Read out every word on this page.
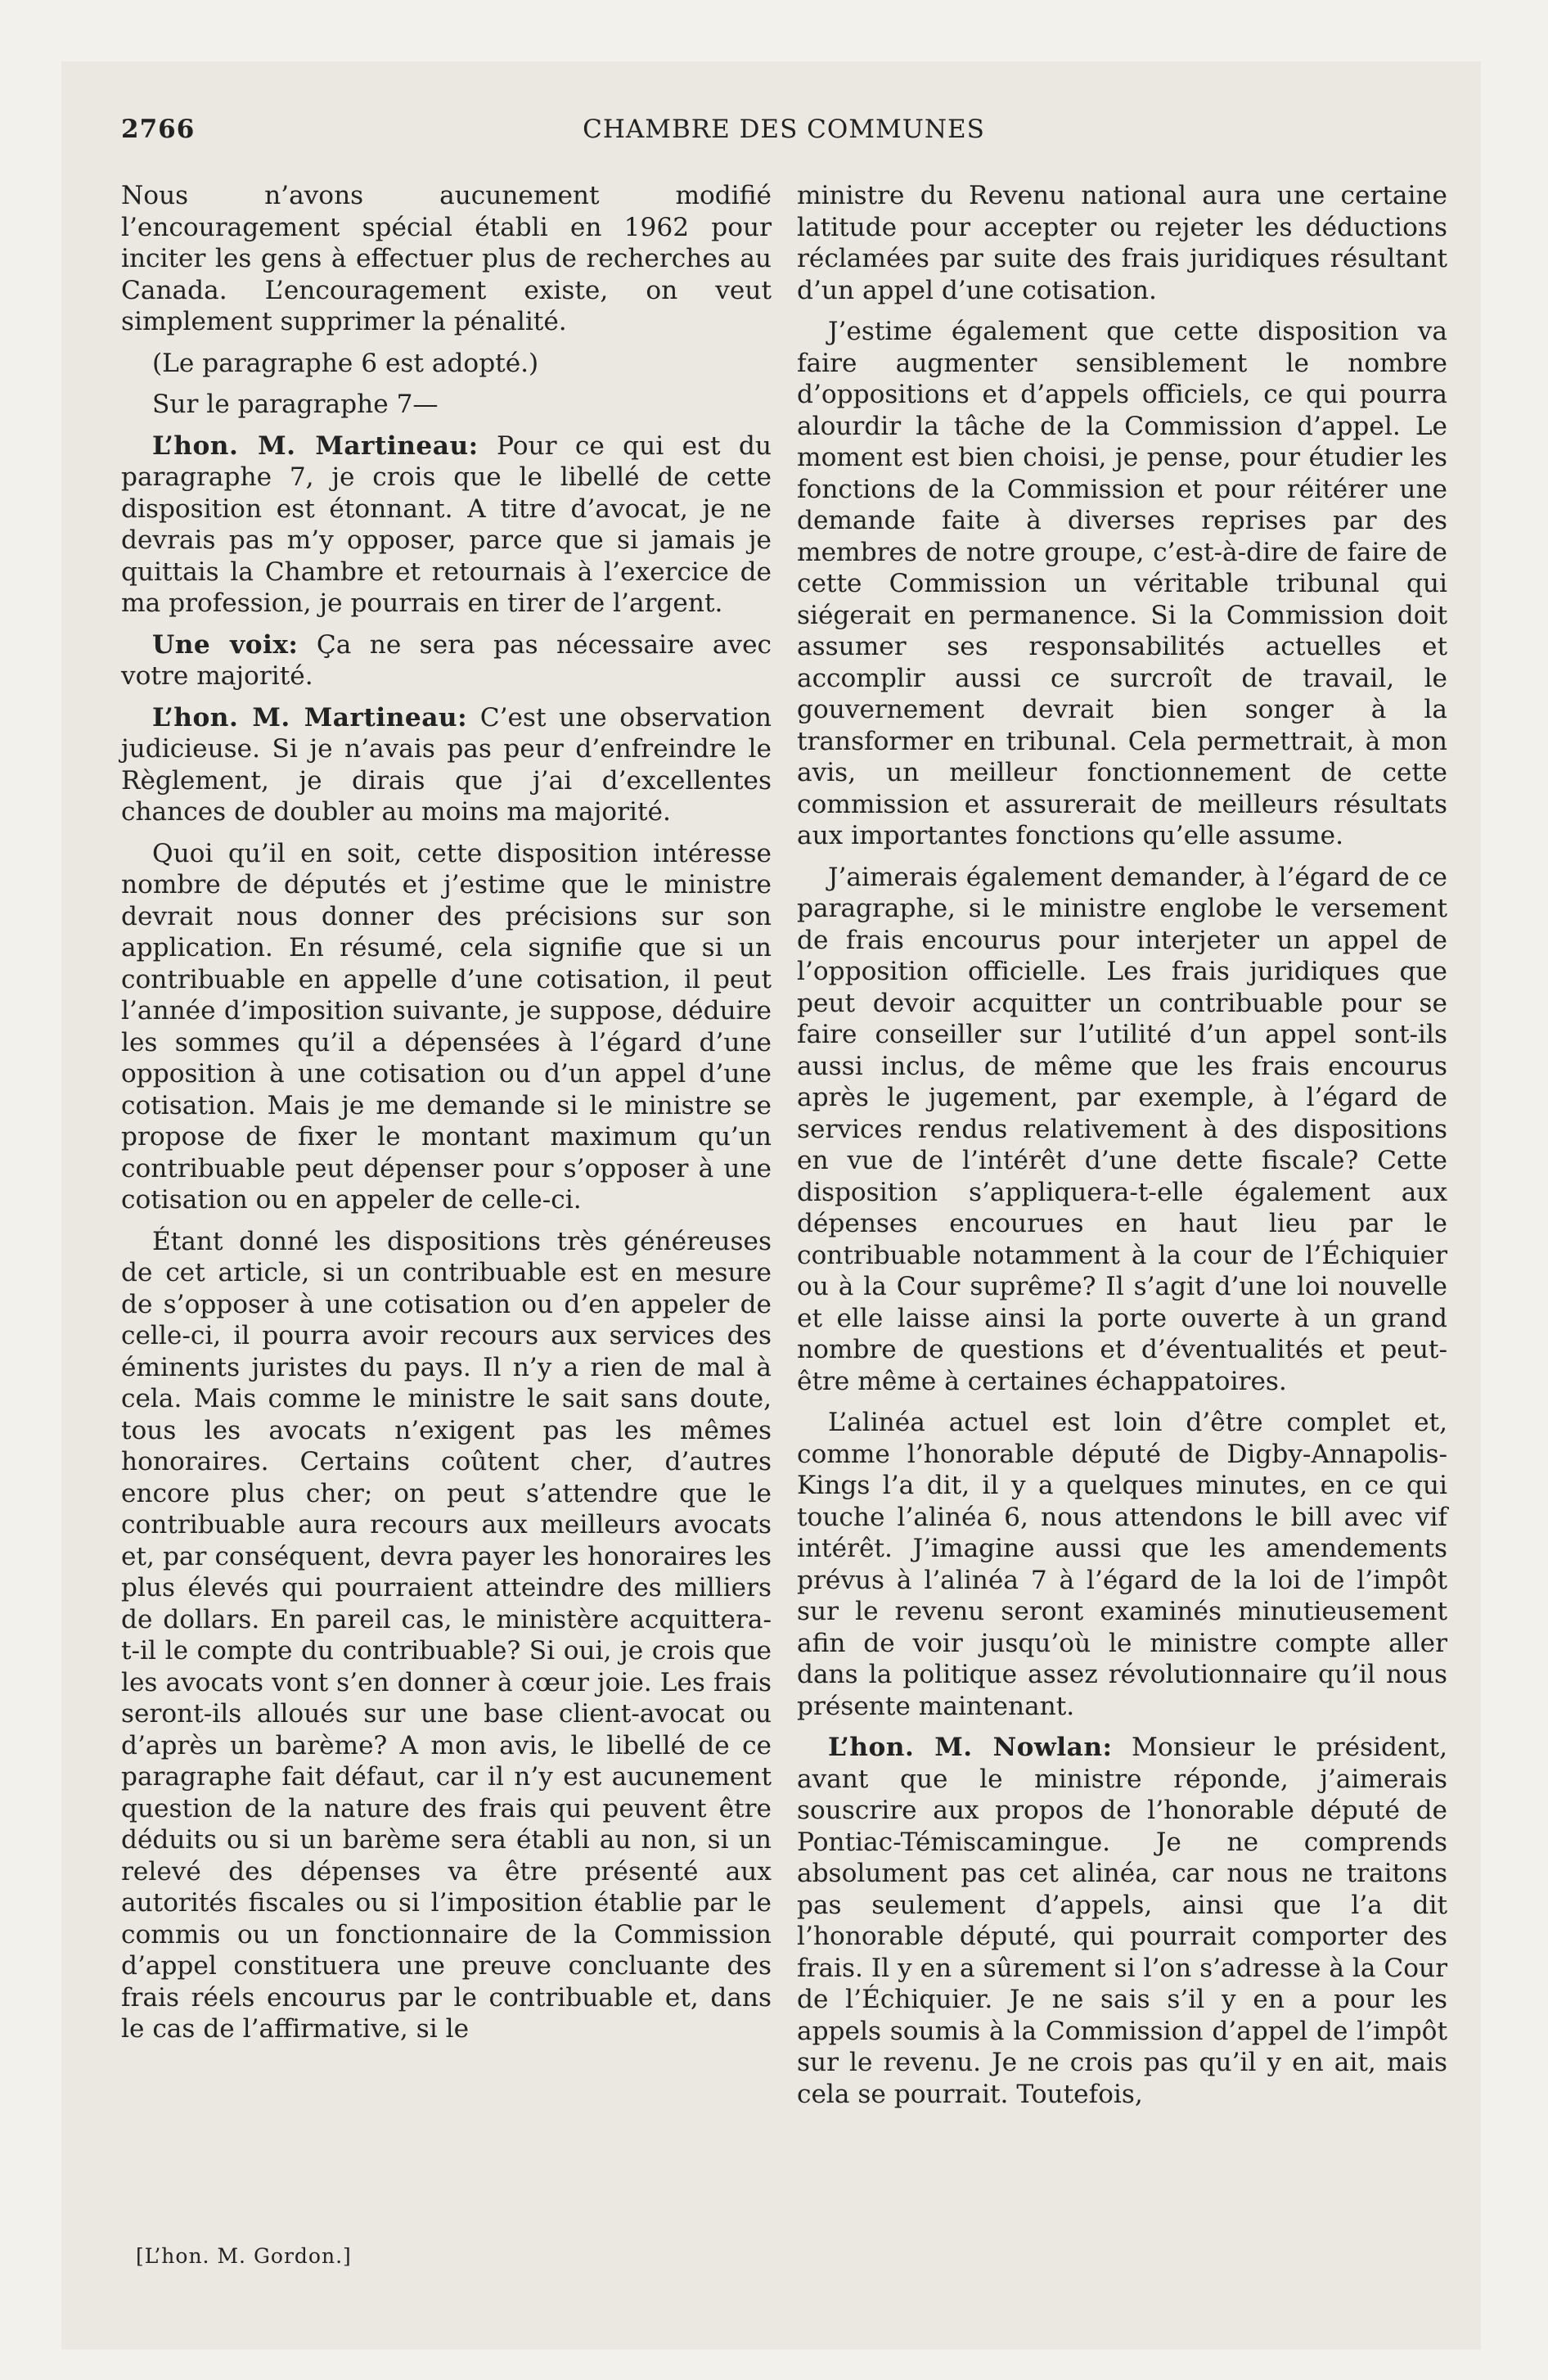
2766	CHAMBRE DES COMMUNES

Nous n’avons aucunement modifié l’encouragement spécial établi en 1962 pour inciter les gens à effectuer plus de recherches au Canada. L’encouragement existe, on veut simplement supprimer la pénalité.

(Le paragraphe 6 est adopté.)

Sur le paragraphe 7—

L’hon. M. Martineau: Pour ce qui est du paragraphe 7, je crois que le libellé de cette disposition est étonnant. A titre d’avocat, je ne devrais pas m’y opposer, parce que si jamais je quittais la Chambre et retournais à l’exercice de ma profession, je pourrais en tirer de l’argent.

Une voix: Ça ne sera pas nécessaire avec votre majorité.

L’hon. M. Martineau: C’est une observation judicieuse. Si je n’avais pas peur d’enfreindre le Règlement, je dirais que j’ai d’excellentes chances de doubler au moins ma majorité.

Quoi qu’il en soit, cette disposition intéresse nombre de députés et j’estime que le ministre devrait nous donner des précisions sur son application. En résumé, cela signifie que si un contribuable en appelle d’une cotisation, il peut l’année d’imposition suivante, je suppose, déduire les sommes qu’il a dépensées à l’égard d’une opposition à une cotisation ou d’un appel d’une cotisation. Mais je me demande si le ministre se propose de fixer le montant maximum qu’un contribuable peut dépenser pour s’opposer à une cotisation ou en appeler de celle-ci.

Étant donné les dispositions très généreuses de cet article, si un contribuable est en mesure de s’opposer à une cotisation ou d’en appeler de celle-ci, il pourra avoir recours aux services des éminents juristes du pays. Il n’y a rien de mal à cela. Mais comme le ministre le sait sans doute, tous les avocats n’exigent pas les mêmes honoraires. Certains coûtent cher, d’autres encore plus cher; on peut s’attendre que le contribuable aura recours aux meilleurs avocats et, par conséquent, devra payer les honoraires les plus élevés qui pourraient atteindre des milliers de dollars. En pareil cas, le ministère acquittera-t-il le compte du contribuable? Si oui, je crois que les avocats vont s’en donner à cœur joie. Les frais seront-ils alloués sur une base client-avocat ou d’après un barème? A mon avis, le libellé de ce paragraphe fait défaut, car il n’y est aucunement question de la nature des frais qui peuvent être déduits ou si un barème sera établi au non, si un relevé des dépenses va être présenté aux autorités fiscales ou si l’imposition établie par le commis ou un fonctionnaire de la Commission d’appel constituera une preuve concluante des frais réels encourus par le contribuable et, dans le cas de l’affirmative, si le

ministre du Revenu national aura une certaine latitude pour accepter ou rejeter les déductions réclamées par suite des frais juridiques résultant d’un appel d’une cotisation.

J’estime également que cette disposition va faire augmenter sensiblement le nombre d’oppositions et d’appels officiels, ce qui pourra alourdir la tâche de la Commission d’appel. Le moment est bien choisi, je pense, pour étudier les fonctions de la Commission et pour réitérer une demande faite à diverses reprises par des membres de notre groupe, c’est-à-dire de faire de cette Commission un véritable tribunal qui siégerait en permanence. Si la Commission doit assumer ses responsabilités actuelles et accomplir aussi ce surcroît de travail, le gouvernement devrait bien songer à la transformer en tribunal. Cela permettrait, à mon avis, un meilleur fonctionnement de cette commission et assurerait de meilleurs résultats aux importantes fonctions qu’elle assume.

J’aimerais également demander, à l’égard de ce paragraphe, si le ministre englobe le versement de frais encourus pour interjeter un appel de l’opposition officielle. Les frais juridiques que peut devoir acquitter un contribuable pour se faire conseiller sur l’utilité d’un appel sont-ils aussi inclus, de même que les frais encourus après le jugement, par exemple, à l’égard de services rendus relativement à des dispositions en vue de l’intérêt d’une dette fiscale? Cette disposition s’appliquera-t-elle également aux dépenses encourues en haut lieu par le contribuable notamment à la cour de l’Échiquier ou à la Cour suprême? Il s’agit d’une loi nouvelle et elle laisse ainsi la porte ouverte à un grand nombre de questions et d’éventualités et peut-être même à certaines échappatoires.

L’alinéa actuel est loin d’être complet et, comme l’honorable député de Digby-Annapolis-Kings l’a dit, il y a quelques minutes, en ce qui touche l’alinéa 6, nous attendons le bill avec vif intérêt. J’imagine aussi que les amendements prévus à l’alinéa 7 à l’égard de la loi de l’impôt sur le revenu seront examinés minutieusement afin de voir jusqu’où le ministre compte aller dans la politique assez révolutionnaire qu’il nous présente maintenant.

L’hon. M. Nowlan: Monsieur le président, avant que le ministre réponde, j’aimerais souscrire aux propos de l’honorable député de Pontiac-Témiscamingue. Je ne comprends absolument pas cet alinéa, car nous ne traitons pas seulement d’appels, ainsi que l’a dit l’honorable député, qui pourrait comporter des frais. Il y en a sûrement si l’on s’adresse à la Cour de l’Échiquier. Je ne sais s’il y en a pour les appels soumis à la Commission d’appel de l’impôt sur le revenu. Je ne crois pas qu’il y en ait, mais cela se pourrait. Toutefois,

[L’hon. M. Gordon.]
